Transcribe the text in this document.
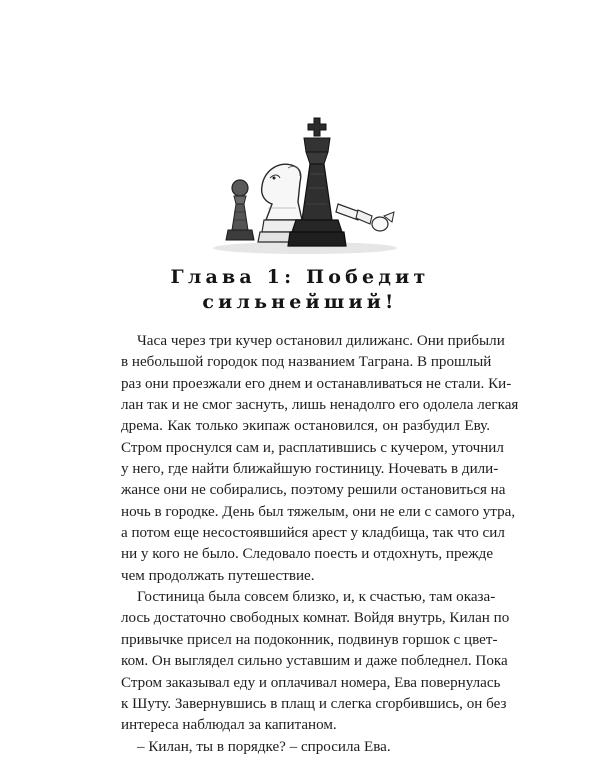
Глава 1: Победит
сильнейший!
Часа через три кучер остановил дилижанс. Они прибыли
в небольшой городок под названием Тагрaна. В прошлый
раз они проезжали его днем и останавливаться не стали. Ки-
лан так и не смог заснуть, лишь ненадолго его одолела легкая
дрема. Как только экипаж остановился, он разбудил Еву.
Стром проснулся сам и, расплатившись с кучером, уточнил
у него, где найти ближайшую гостиницу. Ночевать в дили-
жансе они не собирались, поэтому решили остановиться на
ночь в городке. День был тяжелым, они не ели с самого утра,
а потом еще несостоявшийся арест у кладбища, так что сил
ни у кого не было. Следовало поесть и отдохнуть, прежде
чем продолжать путешествие.
Гостиница была совсем близко, и, к счастью, там оказа-
лось достаточно свободных комнат. Войдя внутрь, Килан по
привычке присел на подоконник, подвинув горшок с цвет-
ком. Он выглядел сильно уставшим и даже побледнел. Пока
Стром заказывал еду и оплачивал номера, Ева повернулась
к Шуту. Завернувшись в плащ и слегка сгорбившись, он без
интереса наблюдал за капитаном.
– Килан, ты в порядке? – спросила Ева.
